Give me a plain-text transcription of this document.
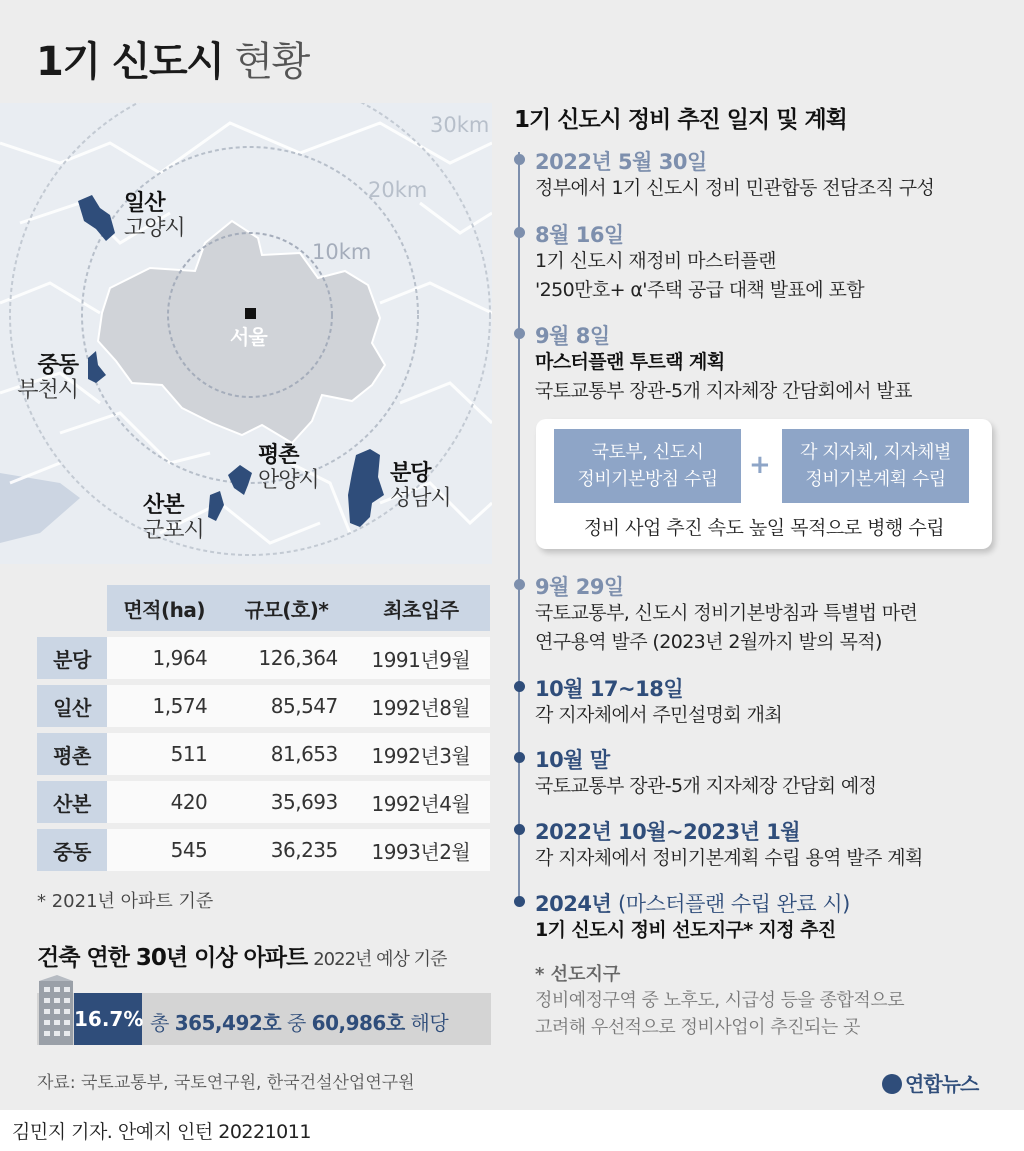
1기 신도시 현황
30km
20km
10km
서울
일산
고양시
중동
부천시
평촌
안양시
산본
군포시
분당
성남시
	면적(ha)	규모(호)*	최초입주
분당	1,964	126,364	1991년9월
일산	1,574	85,547	1992년8월
평촌	511	81,653	1992년3월
산본	420	35,693	1992년4월
중동	545	36,235	1993년2월
* 2021년 아파트 기준
건축 연한 30년 이상 아파트 2022년 예상 기준
16.7% 총 365,492호 중 60,986호 해당
자료: 국토교통부, 국토연구원, 한국건설산업연구원
1기 신도시 정비 추진 일지 및 계획
2022년 5월 30일
정부에서 1기 신도시 정비 민관합동 전담조직 구성
8월 16일
1기 신도시 재정비 마스터플랜
'250만호+ α'주택 공급 대책 발표에 포함
9월 8일
마스터플랜 투트랙 계획
국토교통부 장관-5개 지자체장 간담회에서 발표
국토부, 신도시
정비기본방침 수립	+	각 지자체, 지자체별
정비기본계획 수립
정비 사업 추진 속도 높일 목적으로 병행 수립
9월 29일
국토교통부, 신도시 정비기본방침과 특별법 마련
연구용역 발주 (2023년 2월까지 발의 목적)
10월 17~18일
각 지자체에서 주민설명회 개최
10월 말
국토교통부 장관-5개 지자체장 간담회 예정
2022년 10월~2023년 1월
각 지자체에서 정비기본계획 수립 용역 발주 계획
2024년 (마스터플랜 수립 완료 시)
1기 신도시 정비 선도지구* 지정 추진
* 선도지구
정비예정구역 중 노후도, 시급성 등을 종합적으로
고려해 우선적으로 정비사업이 추진되는 곳
연합뉴스
김민지 기자. 안예지 인턴 20221011
